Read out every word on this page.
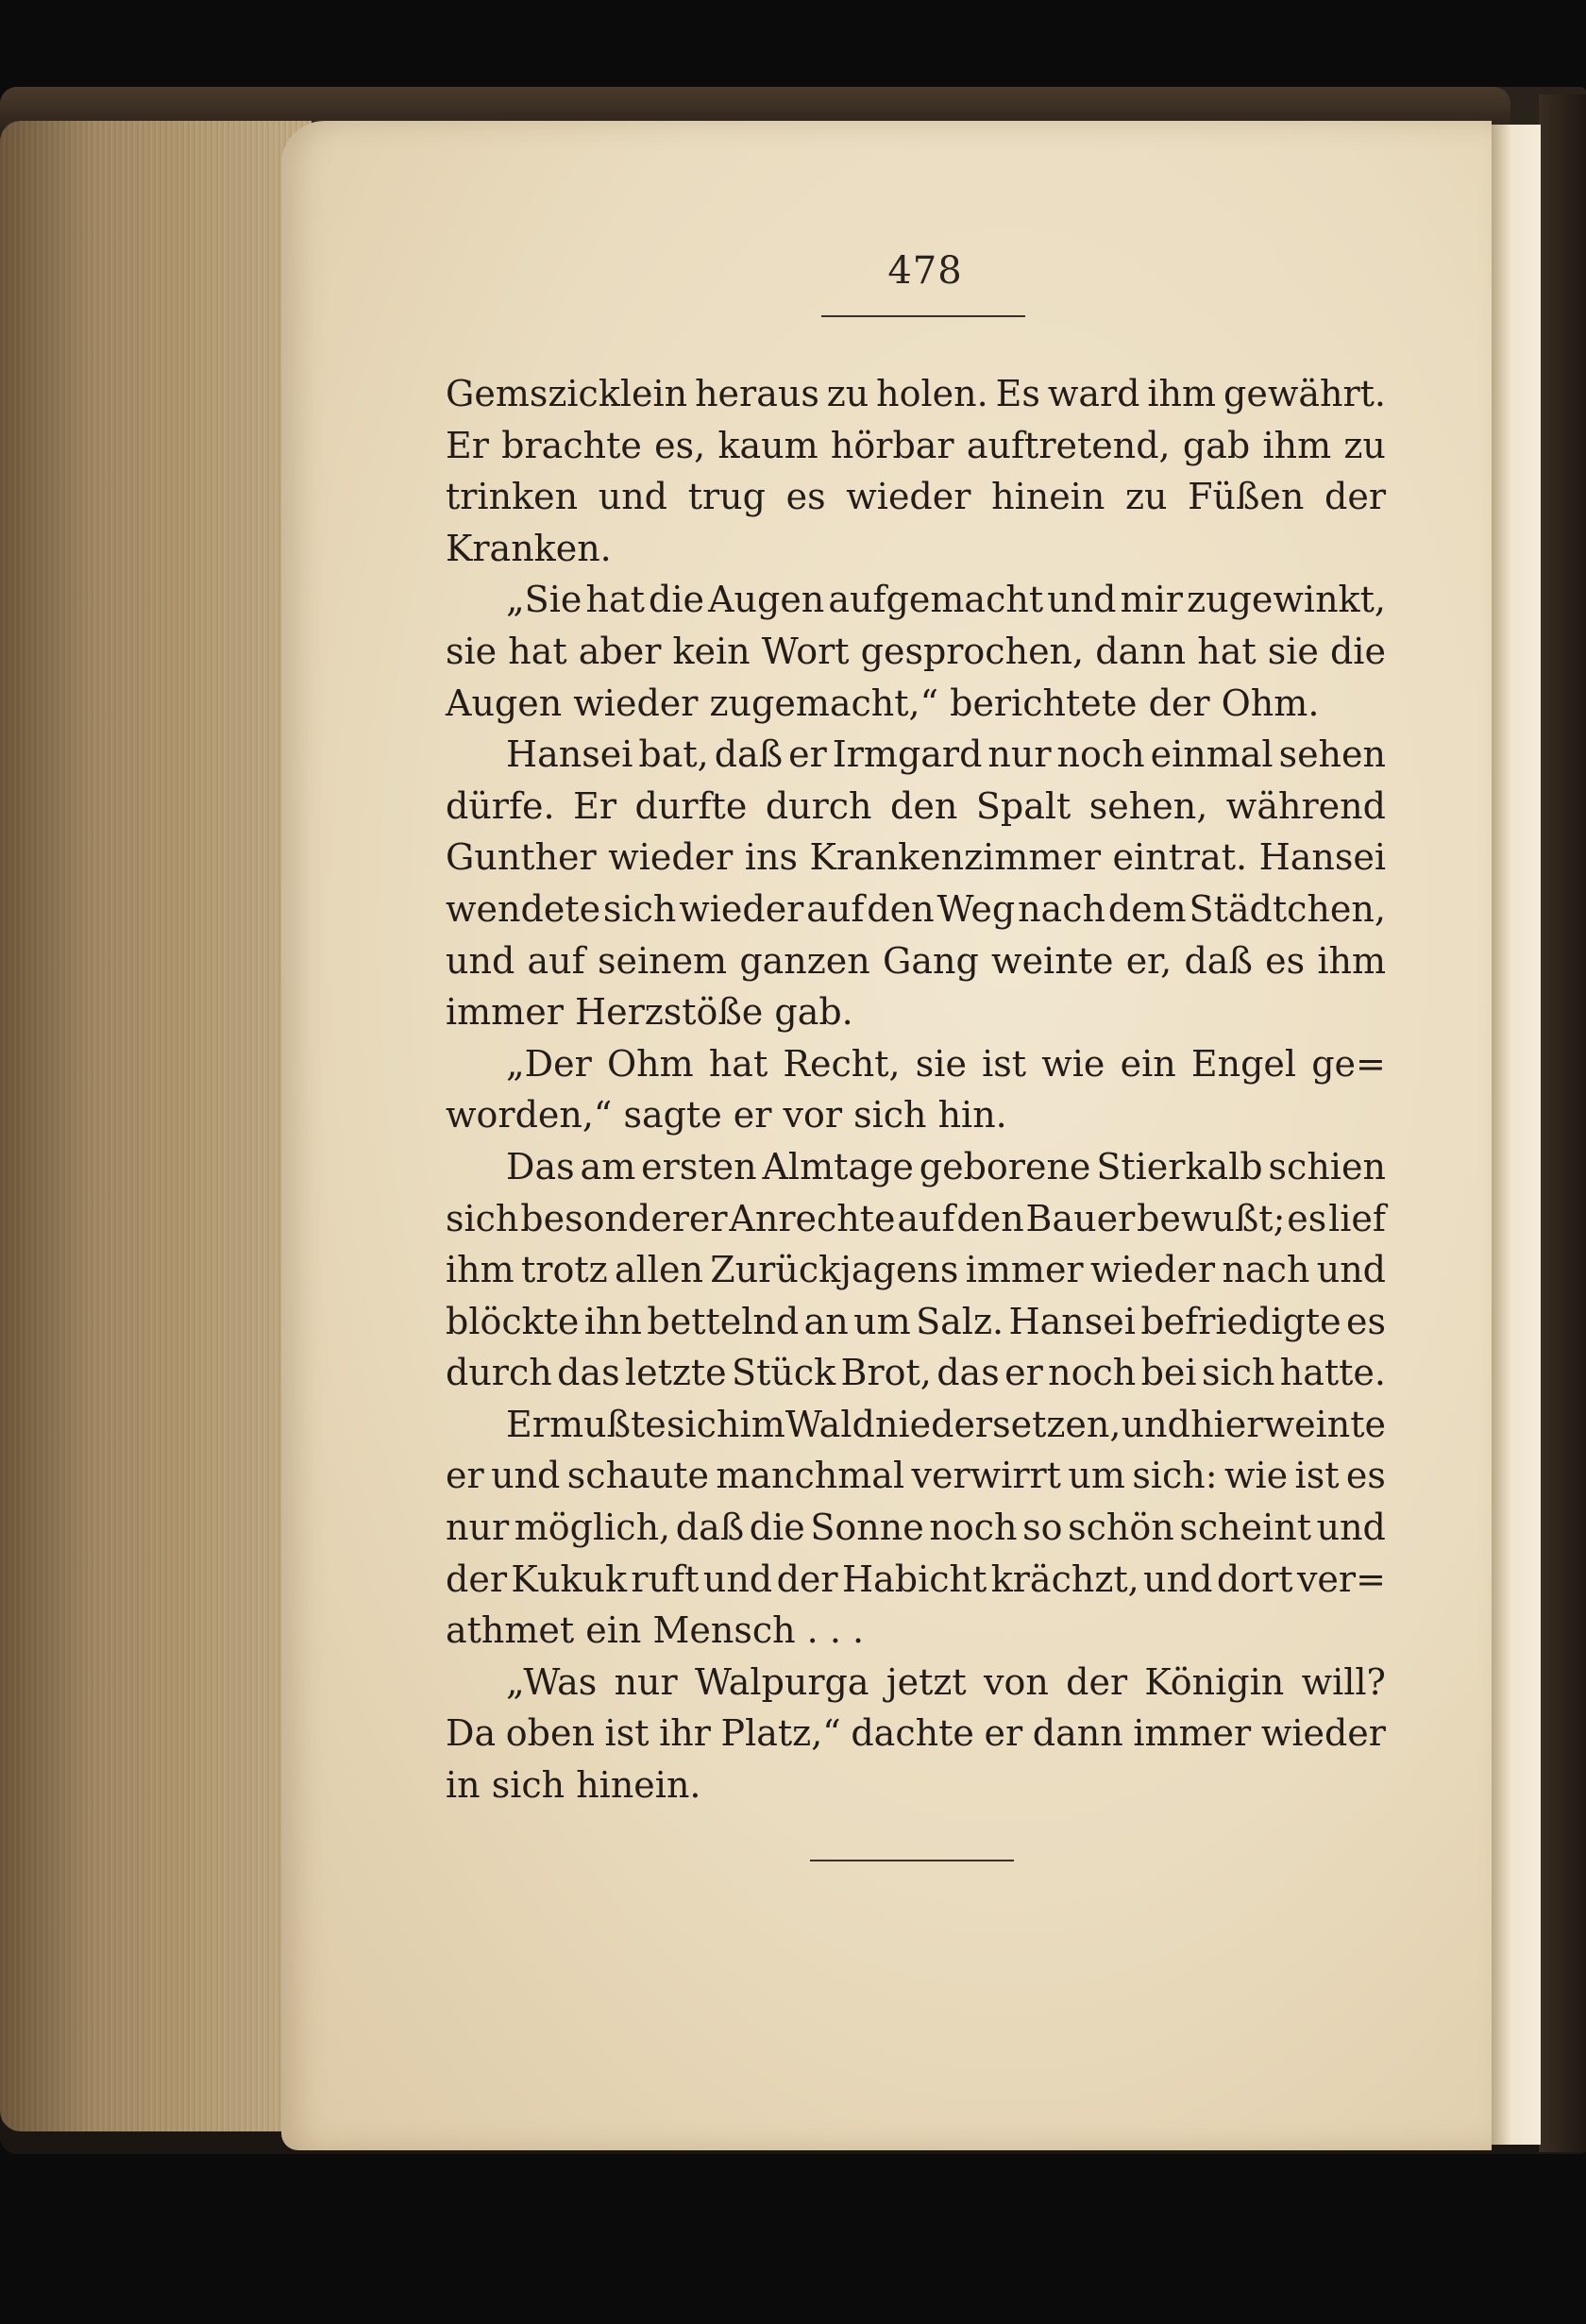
478
Gemszicklein heraus zu holen. Es ward ihm gewährt.
Er brachte es, kaum hörbar auftretend, gab ihm zu
trinken und trug es wieder hinein zu Füßen der
Kranken.
„Sie hat die Augen aufgemacht und mir zugewinkt,
sie hat aber kein Wort gesprochen, dann hat sie die
Augen wieder zugemacht,“ berichtete der Ohm.
Hansei bat, daß er Irmgard nur noch einmal sehen
dürfe. Er durfte durch den Spalt sehen, während
Gunther wieder ins Krankenzimmer eintrat. Hansei
wendete sich wieder auf den Weg nach dem Städtchen,
und auf seinem ganzen Gang weinte er, daß es ihm
immer Herzstöße gab.
„Der Ohm hat Recht, sie ist wie ein Engel ge=
worden,“ sagte er vor sich hin.
Das am ersten Almtage geborene Stierkalb schien
sich besonderer Anrechte auf den Bauer bewußt; es lief
ihm trotz allen Zurückjagens immer wieder nach und
blöckte ihn bettelnd an um Salz. Hansei befriedigte es
durch das letzte Stück Brot, das er noch bei sich hatte.
Er mußte sich im Wald niedersetzen, und hier weinte
er und schaute manchmal verwirrt um sich: wie ist es
nur möglich, daß die Sonne noch so schön scheint und
der Kukuk ruft und der Habicht krächzt, und dort ver=
athmet ein Mensch . . .
„Was nur Walpurga jetzt von der Königin will?
Da oben ist ihr Platz,“ dachte er dann immer wieder
in sich hinein.
